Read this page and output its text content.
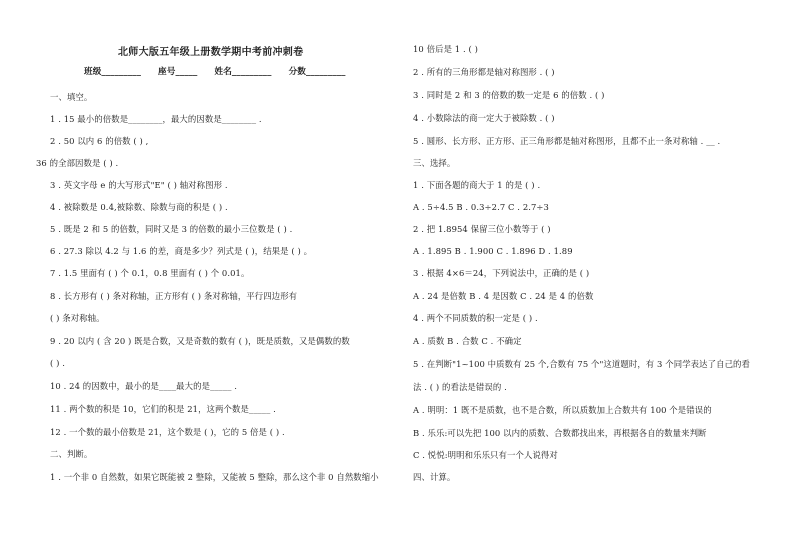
北师大版五年级上册数学期中考前冲刺卷
班级_________ 座号_____ 姓名_________ 分数_________
一、填空。
1 . 15 最小的倍数是________，最大的因数是________ .
2 . 50 以内 6 的倍数 ( ) ,
36 的全部因数是 ( ) .
3 . 英文字母 e 的大写形式"E" ( ) 轴对称图形 .
4 . 被除数是 0.4,被除数、除数与商的积是 ( ) .
5 . 既是 2 和 5 的倍数，同时又是 3 的倍数的最小三位数是 ( ) .
6 . 27.3 除以 4.2 与 1.6 的差，商是多少？列式是 ( )，结果是 ( ) 。
7 . 1.5 里面有 ( ) 个 0.1，0.8 里面有 ( ) 个 0.01。
8 . 长方形有 ( ) 条对称轴，正方形有 ( ) 条对称轴，平行四边形有
( ) 条对称轴。
9 . 20 以内 ( 含 20 ) 既是合数，又是奇数的数有 ( )，既是质数，又是偶数的数
( ) .
10 . 24 的因数中，最小的是____最大的是_____ .
11 . 两个数的积是 10，它们的积是 21，这两个数是_____ .
12 . 一个数的最小倍数是 21，这个数是 ( )，它的 5 倍是 ( ) .
二、判断。
1 . 一个非 0 自然数，如果它既能被 2 整除，又能被 5 整除，那么这个非 0 自然数缩小
10 倍后是 1 . ( )
2 . 所有的三角形都是轴对称图形 . ( )
3 . 同时是 2 和 3 的倍数的数一定是 6 的倍数 . ( )
4 . 小数除法的商一定大于被除数 . ( )
5 . 圆形、长方形、正方形、正三角形都是轴对称图形，且都不止一条对称轴 . __ .
三、选择。
1 . 下面各题的商大于 1 的是 ( ) .
A . 5÷4.5 B . 0.3÷2.7 C . 2.7÷3
2 . 把 1.8954 保留三位小数等于 ( )
A . 1.895 B . 1.900 C . 1.896 D . 1.89
3 . 根据 4×6＝24，下列说法中，正确的是 ( )
A . 24 是倍数 B . 4 是因数 C . 24 是 4 的倍数
4 . 两个不同质数的积一定是 ( ) .
A . 质数 B . 合数 C . 不确定
5 . 在判断"1~100 中质数有 25 个,合数有 75 个"这道题时，有 3 个同学表达了自己的看
法 . ( ) 的看法是错误的 .
A . 明明：1 既不是质数，也不是合数，所以质数加上合数共有 100 个是错误的
B . 乐乐:可以先把 100 以内的质数、合数都找出来，再根据各自的数量来判断
C . 悦悦:明明和乐乐只有一个人说得对
四、计算。
